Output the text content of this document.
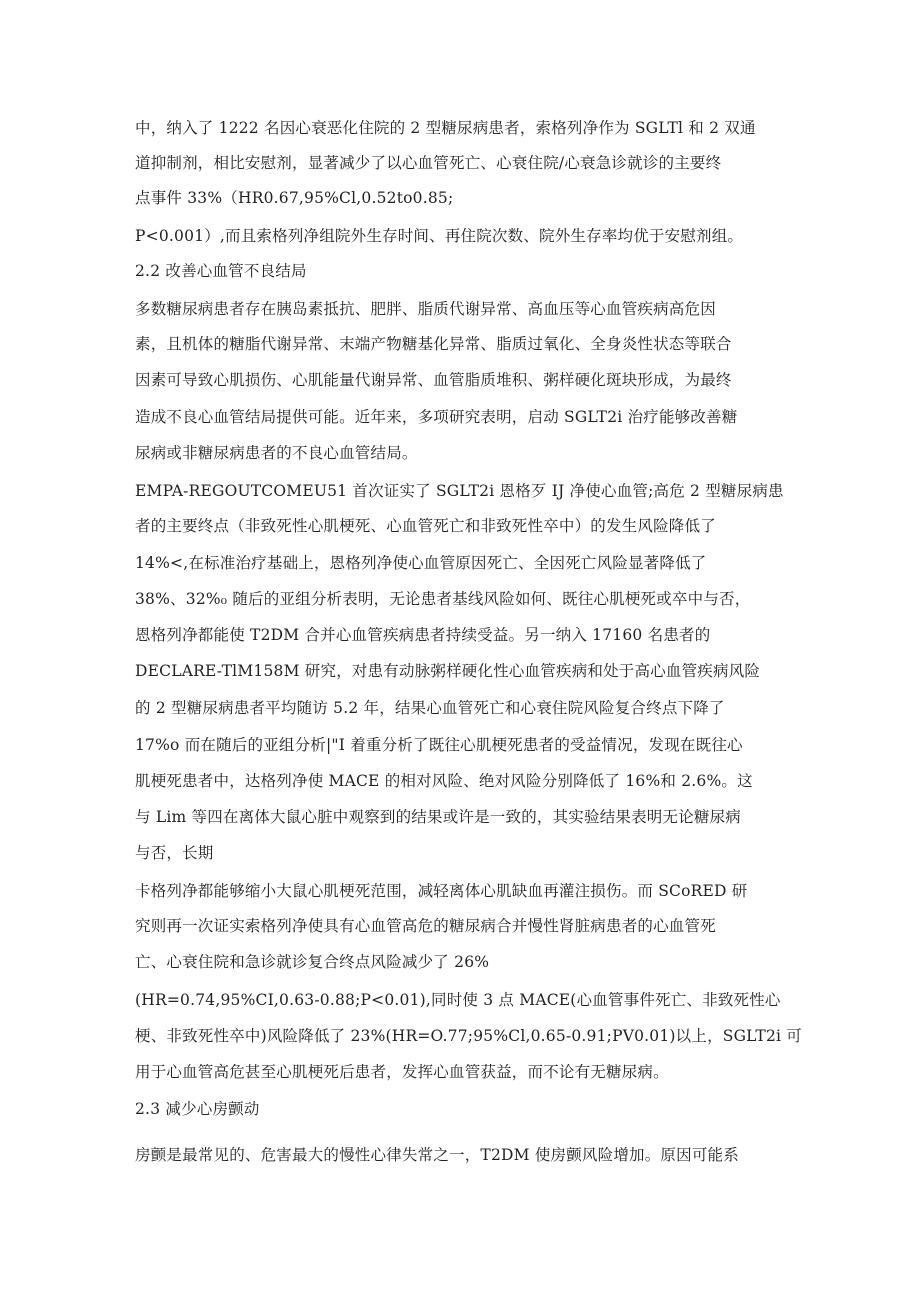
中，纳入了 1222 名因心衰恶化住院的 2 型糖尿病患者，索格列净作为 SGLTl 和 2 双通
道抑制剂，相比安慰剂，显著减少了以心血管死亡、心衰住院/心衰急诊就诊的主要终
点事件 33%（HR0.67,95%Cl,0.52to0.85;
P<0.001）,而且索格列净组院外生存时间、再住院次数、院外生存率均优于安慰剂组。
2.2 改善心血管不良结局
多数糖尿病患者存在胰岛素抵抗、肥胖、脂质代谢异常、高血压等心血管疾病高危因
素，且机体的糖脂代谢异常、末端产物糖基化异常、脂质过氧化、全身炎性状态等联合
因素可导致心肌损伤、心肌能量代谢异常、血管脂质堆积、粥样硬化斑块形成，为最终
造成不良心血管结局提供可能。近年来，多项研究表明，启动 SGLT2i 治疗能够改善糖
尿病或非糖尿病患者的不良心血管结局。
EMPA-REGOUTCOMEU51 首次证实了 SGLT2i 恩格歹 IJ 净使心血管;高危 2 型糖尿病患
者的主要终点（非致死性心肌梗死、心血管死亡和非致死性卒中）的发生风险降低了
14%<,在标准治疗基础上，恩格列净使心血管原因死亡、全因死亡风险显著降低了
38%、32%₀ 随后的亚组分析表明，无论患者基线风险如何、既往心肌梗死或卒中与否，
恩格列净都能使 T2DM 合并心血管疾病患者持续受益。另一纳入 17160 名患者的
DECLARE-TlM158M 研究，对患有动脉粥样硬化性心血管疾病和处于高心血管疾病风险
的 2 型糖尿病患者平均随访 5.2 年，结果心血管死亡和心衰住院风险复合终点下降了
17%o 而在随后的亚组分析|"I 着重分析了既往心肌梗死患者的受益情况，发现在既往心
肌梗死患者中，达格列净使 MACE 的相对风险、绝对风险分别降低了 16%和 2.6%。这
与 Lim 等四在离体大鼠心脏中观察到的结果或许是一致的，其实验结果表明无论糖尿病
与否，长期
卡格列净都能够缩小大鼠心肌梗死范围，减轻离体心肌缺血再灌注损伤。而 SCoRED 研
究则再一次证实索格列净使具有心血管高危的糖尿病合并慢性肾脏病患者的心血管死
亡、心衰住院和急诊就诊复合终点风险减少了 26%
(HR=0.74,95%CI,0.63-0.88;P<0.01),同时使 3 点 MACE(心血管事件死亡、非致死性心
梗、非致死性卒中)风险降低了 23%(HR=O.77;95%Cl,0.65-0.91;PV0.01)以上，SGLT2i 可
用于心血管高危甚至心肌梗死后患者，发挥心血管获益，而不论有无糖尿病。
2.3 减少心房颤动
房颤是最常见的、危害最大的慢性心律失常之一，T2DM 使房颤风险增加。原因可能系
